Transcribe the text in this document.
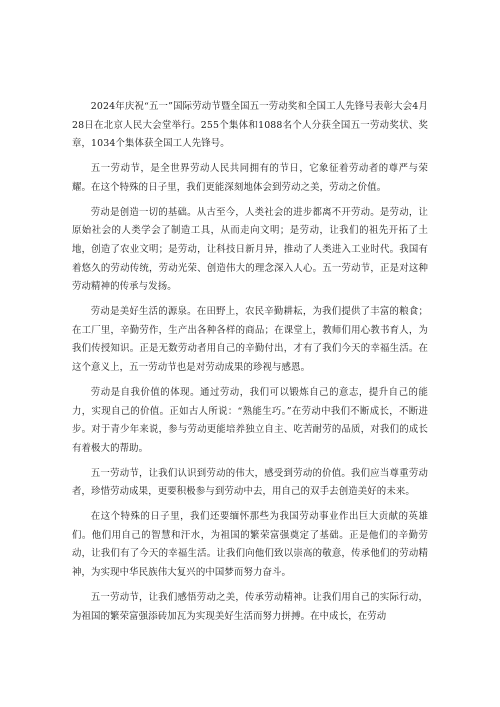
2024年庆祝“五一”国际劳动节暨全国五一劳动奖和全国工人先锋号表彰大会4月28日在北京人民大会堂举行。255个集体和1088名个人分获全国五一劳动奖状、奖章，1034个集体获全国工人先锋号。

五一劳动节，是全世界劳动人民共同拥有的节日，它象征着劳动者的尊严与荣耀。在这个特殊的日子里，我们更能深刻地体会到劳动之美，劳动之价值。

劳动是创造一切的基础。从古至今，人类社会的进步都离不开劳动。是劳动，让原始社会的人类学会了制造工具，从而走向文明；是劳动，让我们的祖先开拓了土地，创造了农业文明；是劳动，让科技日新月异，推动了人类进入工业时代。我国有着悠久的劳动传统，劳动光荣、创造伟大的理念深入人心。五一劳动节，正是对这种劳动精神的传承与发扬。

劳动是美好生活的源泉。在田野上，农民辛勤耕耘，为我们提供了丰富的粮食；在工厂里，辛勤劳作，生产出各种各样的商品；在课堂上，教师们用心教书育人，为我们传授知识。正是无数劳动者用自己的辛勤付出，才有了我们今天的幸福生活。在这个意义上，五一劳动节也是对劳动成果的珍视与感恩。

劳动是自我价值的体现。通过劳动，我们可以锻炼自己的意志，提升自己的能力，实现自己的价值。正如古人所说：“熟能生巧。”在劳动中我们不断成长，不断进步。对于青少年来说，参与劳动更能培养独立自主、吃苦耐劳的品质，对我们的成长有着极大的帮助。

五一劳动节，让我们认识到劳动的伟大，感受到劳动的价值。我们应当尊重劳动者，珍惜劳动成果，更要积极参与到劳动中去，用自己的双手去创造美好的未来。

在这个特殊的日子里，我们还要缅怀那些为我国劳动事业作出巨大贡献的英雄们。他们用自己的智慧和汗水，为祖国的繁荣富强奠定了基础。正是他们的辛勤劳动，让我们有了今天的幸福生活。让我们向他们致以崇高的敬意，传承他们的劳动精神，为实现中华民族伟大复兴的中国梦而努力奋斗。

五一劳动节，让我们感悟劳动之美，传承劳动精神。让我们用自己的实际行动，为祖国的繁荣富强添砖加瓦为实现美好生活而努力拼搏。在中成长，在劳动
